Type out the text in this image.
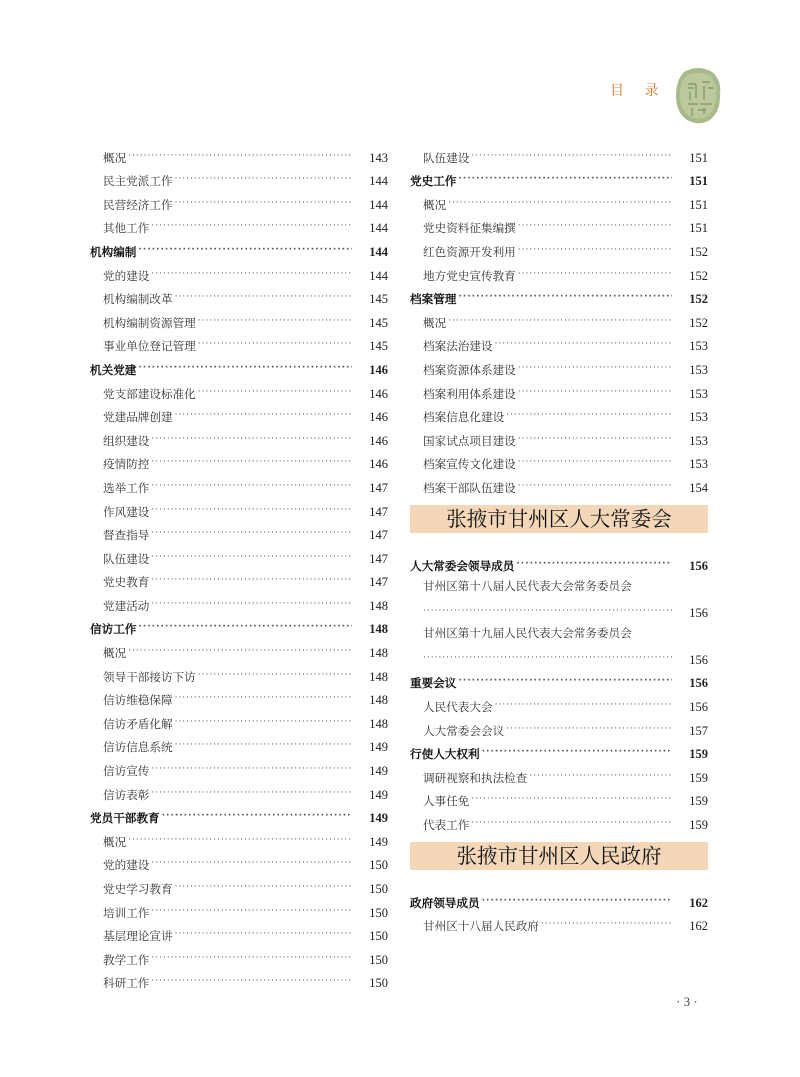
目 录
概况 ·····	143
民主党派工作 ·····	144
民营经济工作 ·····	144
其他工作 ·····	144
机构编制 ·····	144
党的建设 ·····	144
机构编制改革 ·····	145
机构编制资源管理 ·····	145
事业单位登记管理 ·····	145
机关党建 ·····	146
党支部建设标准化 ·····	146
党建品牌创建 ·····	146
组织建设 ·····	146
疫情防控 ·····	146
选举工作 ·····	147
作风建设 ·····	147
督查指导 ·····	147
队伍建设 ·····	147
党史教育 ·····	147
党建活动 ·····	148
信访工作 ·····	148
概况 ·····	148
领导干部接访下访 ·····	148
信访维稳保障 ·····	148
信访矛盾化解 ·····	148
信访信息系统 ·····	149
信访宣传 ·····	149
信访表彰 ·····	149
党员干部教育 ·····	149
概况 ·····	149
党的建设 ·····	150
党史学习教育 ·····	150
培训工作 ·····	150
基层理论宣讲 ·····	150
教学工作 ·····	150
科研工作 ·····	150
队伍建设 ·····	151
党史工作 ·····	151
概况 ·····	151
党史资料征集编撰 ·····	151
红色资源开发利用 ·····	152
地方党史宣传教育 ·····	152
档案管理 ·····	152
概况 ·····	152
档案法治建设 ·····	153
档案资源体系建设 ·····	153
档案利用体系建设 ·····	153
档案信息化建设 ·····	153
国家试点项目建设 ·····	153
档案宣传文化建设 ·····	153
档案干部队伍建设 ·····	154
张掖市甘州区人大常委会
人大常委会领导成员 ·····	156
甘州区第十八届人民代表大会常务委员会
·····
156
甘州区第十九届人民代表大会常务委员会
·····
156
重要会议 ·····	156
人民代表大会 ·····	156
人大常委会会议 ·····	157
行使人大权利 ·····	159
调研视察和执法检查 ·····	159
人事任免 ·····	159
代表工作 ·····	159
张掖市甘州区人民政府
政府领导成员 ·····	162
甘州区十八届人民政府 ·····	162
· 3 ·
